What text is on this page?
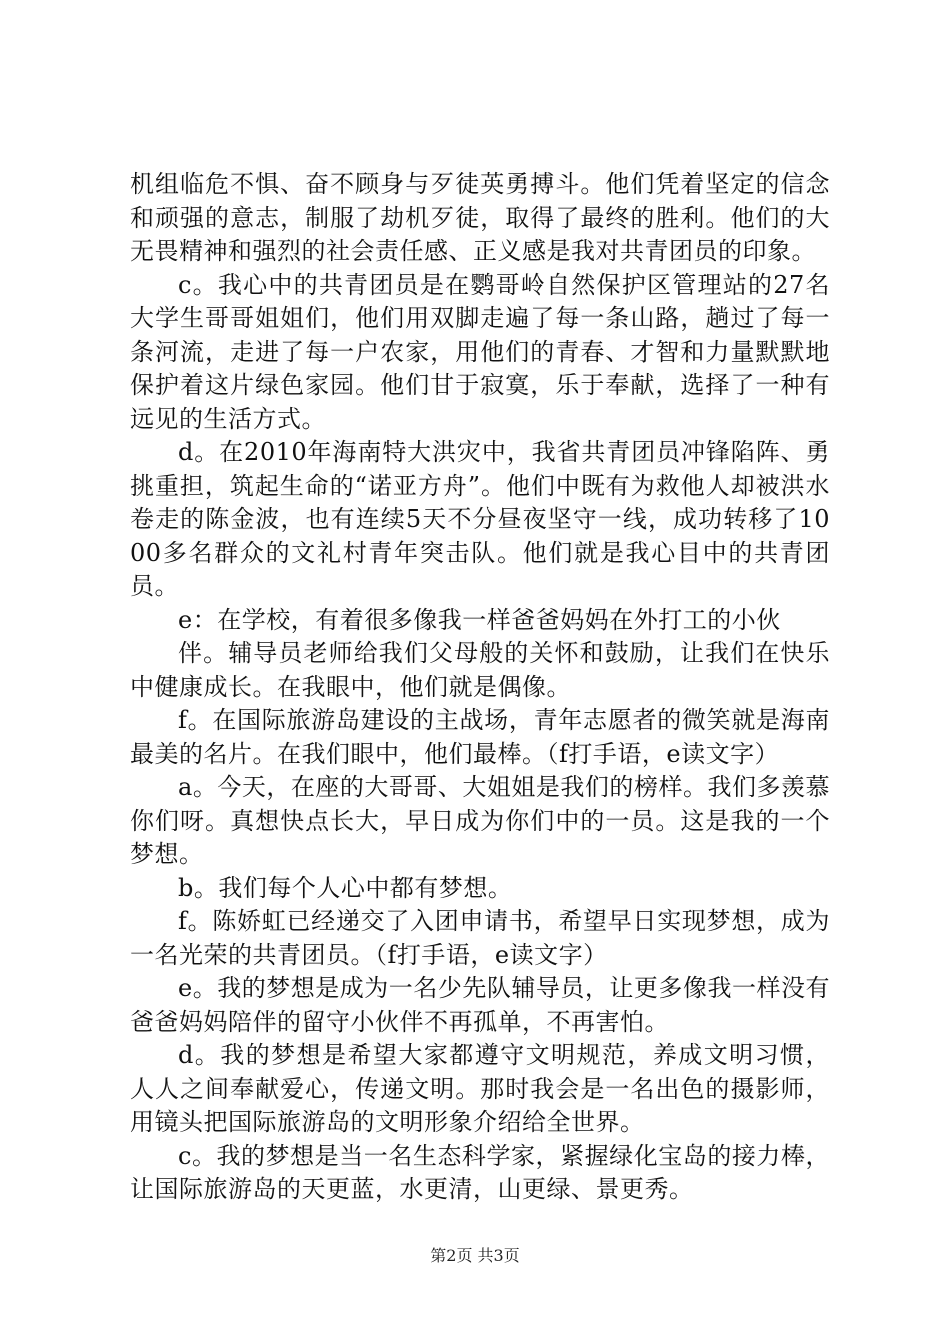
机组临危不惧、奋不顾身与歹徒英勇搏斗。他们凭着坚定的信念和顽强的意志，制服了劫机歹徒，取得了最终的胜利。他们的大无畏精神和强烈的社会责任感、正义感是我对共青团员的印象。

c。我心中的共青团员是在鹦哥岭自然保护区管理站的27名大学生哥哥姐姐们，他们用双脚走遍了每一条山路，趟过了每一条河流，走进了每一户农家，用他们的青春、才智和力量默默地保护着这片绿色家园。他们甘于寂寞，乐于奉献，选择了一种有远见的生活方式。

d。在2010年海南特大洪灾中，我省共青团员冲锋陷阵、勇挑重担，筑起生命的“诺亚方舟”。他们中既有为救他人却被洪水卷走的陈金波，也有连续5天不分昼夜坚守一线，成功转移了1000多名群众的文礼村青年突击队。他们就是我心目中的共青团员。

e：在学校，有着很多像我一样爸爸妈妈在外打工的小伙

伴。辅导员老师给我们父母般的关怀和鼓励，让我们在快乐中健康成长。在我眼中，他们就是偶像。

f。在国际旅游岛建设的主战场，青年志愿者的微笑就是海南最美的名片。在我们眼中，他们最棒。（f打手语，e读文字）

a。今天，在座的大哥哥、大姐姐是我们的榜样。我们多羡慕你们呀。真想快点长大，早日成为你们中的一员。这是我的一个梦想。

b。我们每个人心中都有梦想。

f。陈娇虹已经递交了入团申请书，希望早日实现梦想，成为一名光荣的共青团员。（f打手语，e读文字）

e。我的梦想是成为一名少先队辅导员，让更多像我一样没有爸爸妈妈陪伴的留守小伙伴不再孤单，不再害怕。

d。我的梦想是希望大家都遵守文明规范，养成文明习惯，人人之间奉献爱心，传递文明。那时我会是一名出色的摄影师，用镜头把国际旅游岛的文明形象介绍给全世界。

c。我的梦想是当一名生态科学家，紧握绿化宝岛的接力棒，让国际旅游岛的天更蓝，水更清，山更绿、景更秀。

第2页 共3页
